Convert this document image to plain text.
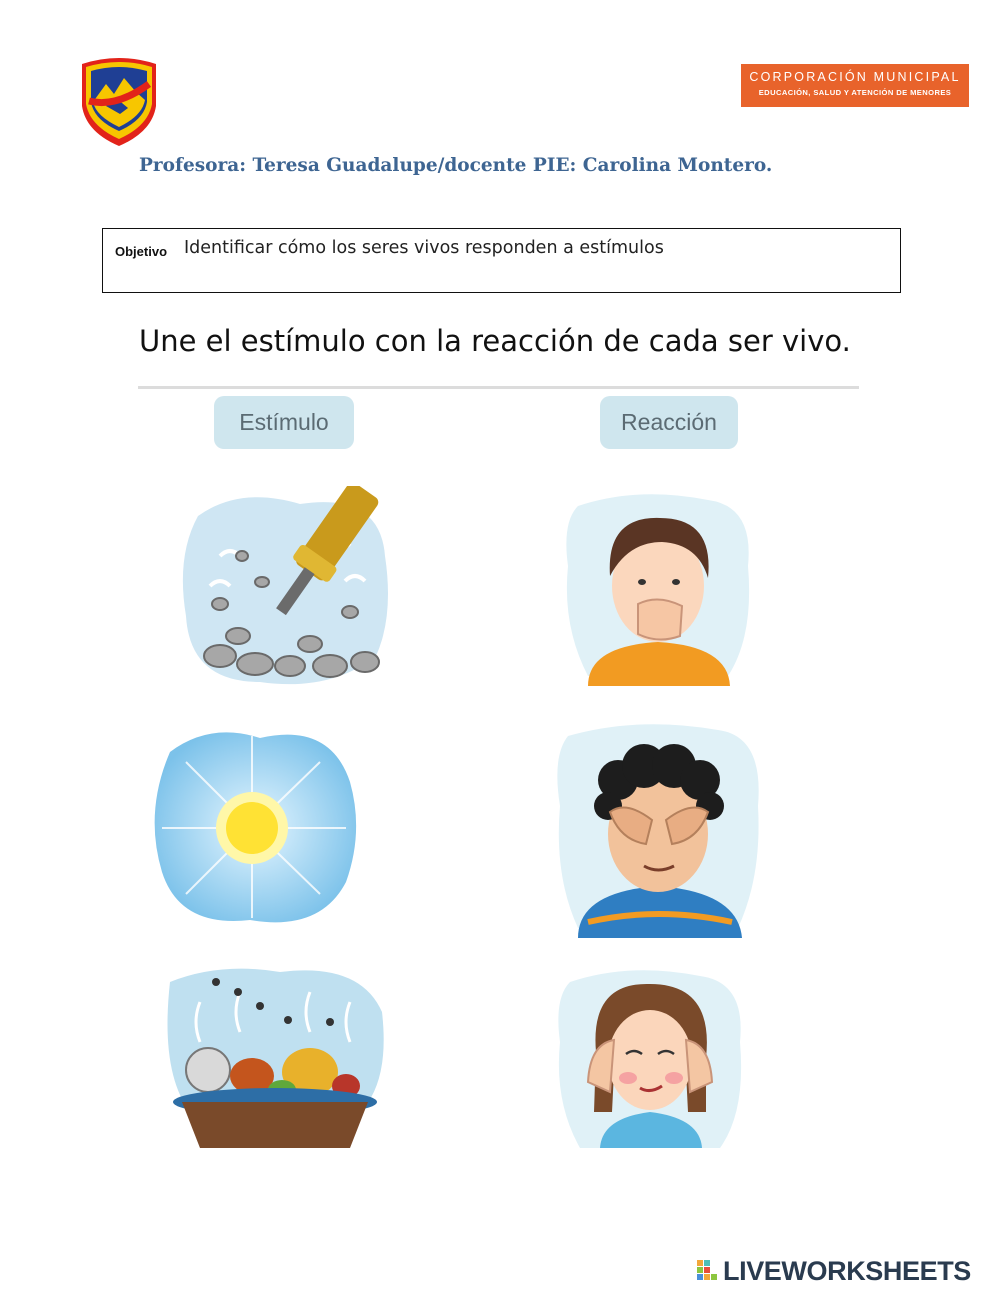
CORPORACIÓN MUNICIPAL
EDUCACIÓN, SALUD Y ATENCIÓN DE MENORES
Profesora: Teresa Guadalupe/docente PIE: Carolina Montero.
Objetivo Identificar cómo los seres vivos responden a estímulos
Une el estímulo con la reacción de cada ser vivo.
Estímulo	Reacción
LIVEWORKSHEETS
